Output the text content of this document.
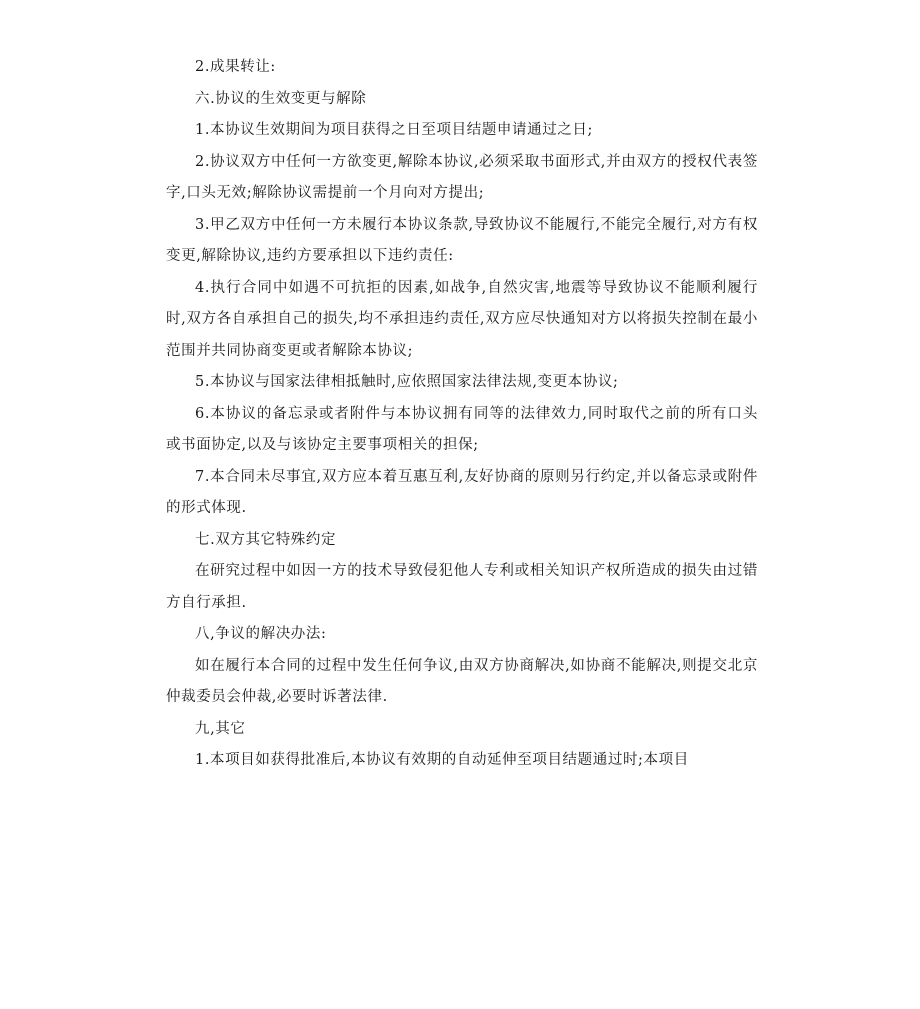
2.成果转让:

六.协议的生效变更与解除

1.本协议生效期间为项目获得之日至项目结题申请通过之日;

2.协议双方中任何一方欲变更,解除本协议,必须采取书面形式,并由双方的授权代表签字,口头无效;解除协议需提前一个月向对方提出;

3.甲乙双方中任何一方未履行本协议条款,导致协议不能履行,不能完全履行,对方有权变更,解除协议,违约方要承担以下违约责任:

4.执行合同中如遇不可抗拒的因素,如战争,自然灾害,地震等导致协议不能顺利履行时,双方各自承担自己的损失,均不承担违约责任,双方应尽快通知对方以将损失控制在最小范围并共同协商变更或者解除本协议;

5.本协议与国家法律相抵触时,应依照国家法律法规,变更本协议;

6.本协议的备忘录或者附件与本协议拥有同等的法律效力,同时取代之前的所有口头或书面协定,以及与该协定主要事项相关的担保;

7.本合同未尽事宜,双方应本着互惠互利,友好协商的原则另行约定,并以备忘录或附件的形式体现.

七.双方其它特殊约定

在研究过程中如因一方的技术导致侵犯他人专利或相关知识产权所造成的损失由过错方自行承担.

八,争议的解决办法:

如在履行本合同的过程中发生任何争议,由双方协商解决,如协商不能解决,则提交北京仲裁委员会仲裁,必要时诉著法律.

九,其它

1.本项目如获得批准后,本协议有效期的自动延伸至项目结题通过时;本项目
